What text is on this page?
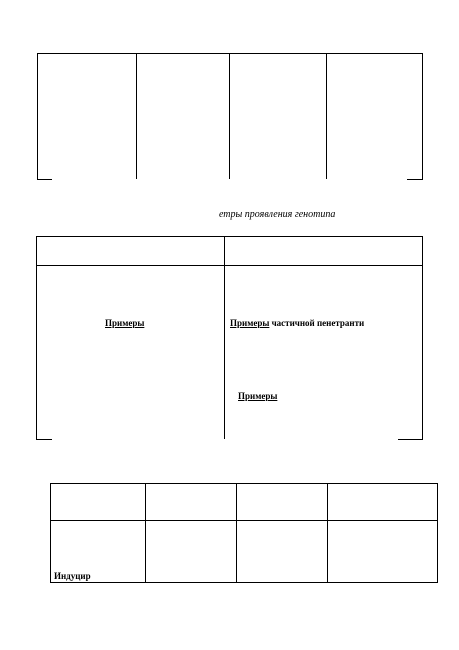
етры проявления генотипа
Примеры	Примеры частичной пенетранти
Примеры
Индуцир
